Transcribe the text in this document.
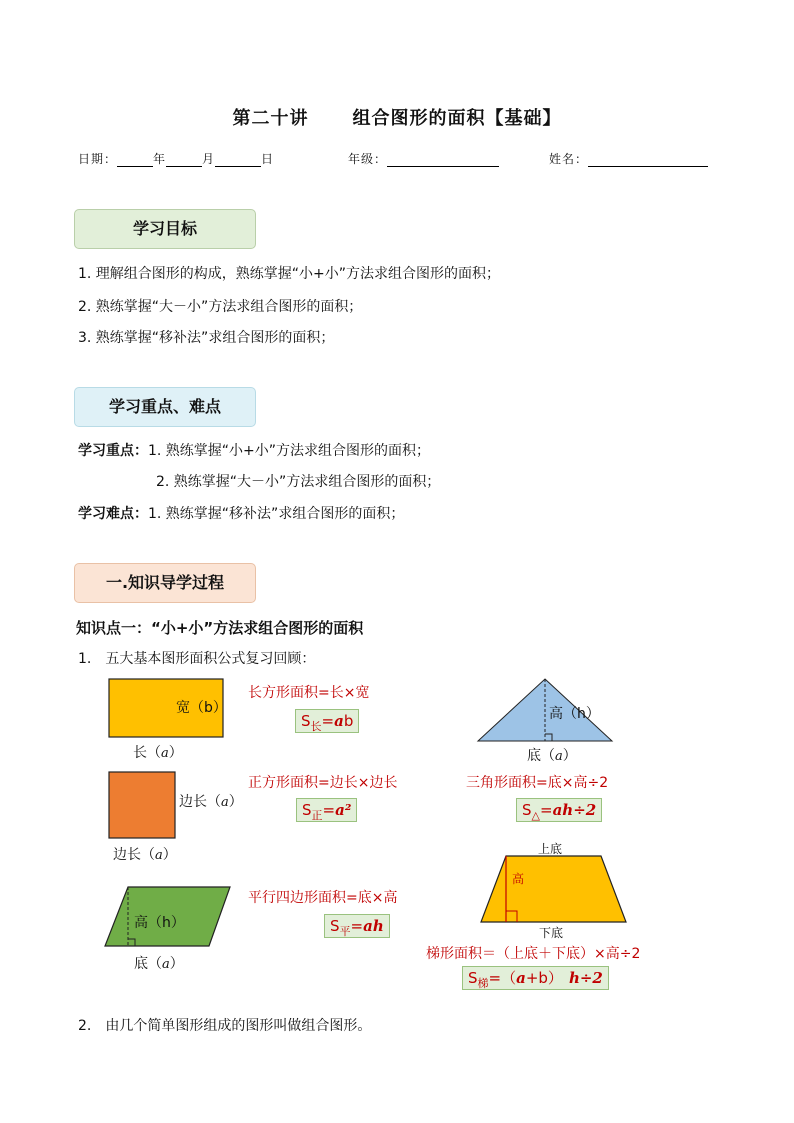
第二十讲 组合图形的面积【基础】
日期：	年	月	日	年级：	姓名：
学习目标
1. 理解组合图形的构成，熟练掌握“小+小”方法求组合图形的面积；
2. 熟练掌握“大－小”方法求组合图形的面积；
3. 熟练掌握“移补法”求组合图形的面积；
学习重点、难点
学习重点：1. 熟练掌握“小+小”方法求组合图形的面积；
2. 熟练掌握“大－小”方法求组合图形的面积；
学习难点：1. 熟练掌握“移补法”求组合图形的面积；
一.知识导学过程
知识点一：“小+小”方法求组合图形的面积
1.　五大基本图形面积公式复习回顾：
宽（b）
长（a）
长方形面积=长×宽
$S_长=ab$
边长（a）
边长（a）
正方形面积=边长×边长
$S_正=a^2$
高（h）
底（a）
平行四边形面积=底×高
$S_平=ah$
高（h）
底（a）
三角形面积=底×高÷2
$S_\triangle=ah\div 2$
上底
高
下底
梯形面积＝（上底＋下底）×高÷2
$S_梯=(a+b)$ h÷2
2.　由几个简单图形组成的图形叫做组合图形。
